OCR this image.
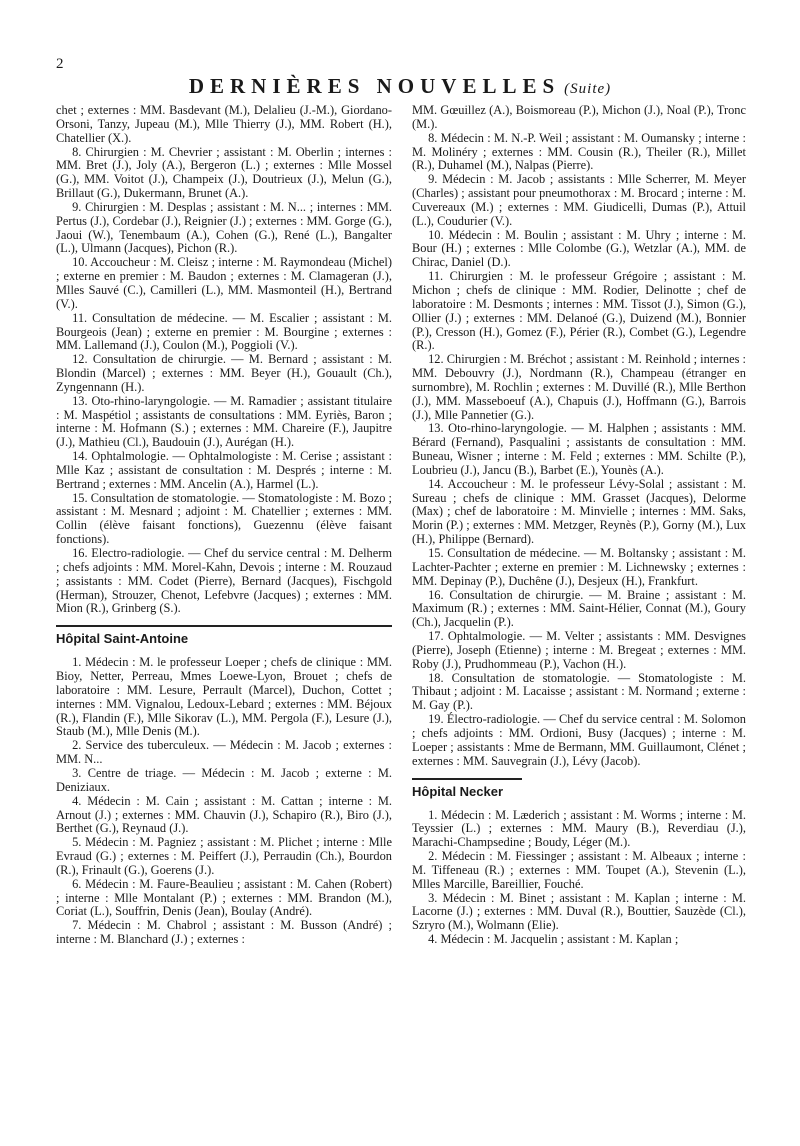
2
DERNIÈRES NOUVELLES (Suite)

chet ; externes : MM. Basdevant (M.), Delalieu (J.-M.), Giordano-Orsoni, Tanzy, Jupeau (M.), Mlle Thierry (J.), MM. Robert (H.), Chatellier (X.).

8. Chirurgien : M. Chevrier ; assistant : M. Oberlin ; internes : MM. Bret (J.), Joly (A.), Bergeron (L.) ; externes : Mlle Mossel (G.), MM. Voitot (J.), Champeix (J.), Doutrieux (J.), Melun (G.), Brillaut (G.), Dukermann, Brunet (A.).

9. Chirurgien : M. Desplas ; assistant : M. N... ; internes : MM. Pertus (J.), Cordebar (J.), Reignier (J.) ; externes : MM. Gorge (G.), Jaoui (W.), Tenembaum (A.), Cohen (G.), René (L.), Bangalter (L.), Ulmann (Jacques), Pichon (R.).

10. Accoucheur : M. Cleisz ; interne : M. Raymondeau (Michel) ; externe en premier : M. Baudon ; externes : M. Clamageran (J.), Mlles Sauvé (C.), Camilleri (L.), MM. Masmonteil (H.), Bertrand (V.).

11. Consultation de médecine. — M. Escalier ; assistant : M. Bourgeois (Jean) ; externe en premier : M. Bourgine ; externes : MM. Lallemand (J.), Coulon (M.), Poggioli (V.).

12. Consultation de chirurgie. — M. Bernard ; assistant : M. Blondin (Marcel) ; externes : MM. Beyer (H.), Gouault (Ch.), Zyngennann (H.).

13. Oto-rhino-laryngologie. — M. Ramadier ; assistant titulaire : M. Maspétiol ; assistants de consultations : MM. Eyriès, Baron ; interne : M. Hofmann (S.) ; externes : MM. Chareire (F.), Jaupitre (J.), Mathieu (Cl.), Baudouin (J.), Aurégan (H.).

14. Ophtalmologie. — Ophtalmologiste : M. Cerise ; assistant : Mlle Kaz ; assistant de consultation : M. Després ; interne : M. Bertrand ; externes : MM. Ancelin (A.), Harmel (L.).

15. Consultation de stomatologie. — Stomatologiste : M. Bozo ; assistant : M. Mesnard ; adjoint : M. Chatellier ; externes : MM. Collin (élève faisant fonctions), Guezennu (élève faisant fonctions).

16. Electro-radiologie. — Chef du service central : M. Delherm ; chefs adjoints : MM. Morel-Kahn, Devois ; interne : M. Rouzaud ; assistants : MM. Codet (Pierre), Bernard (Jacques), Fischgold (Herman), Strouzer, Chenot, Lefebvre (Jacques) ; externes : MM. Mion (R.), Grinberg (S.).

Hôpital Saint-Antoine

1. Médecin : M. le professeur Loeper ; chefs de clinique : MM. Bioy, Netter, Perreau, Mmes Loewe-Lyon, Brouet ; chefs de laboratoire : MM. Lesure, Perrault (Marcel), Duchon, Cottet ; internes : MM. Vignalou, Ledoux-Lebard ; externes : MM. Béjoux (R.), Flandin (F.), Mlle Sikorav (L.), MM. Pergola (F.), Lesure (J.), Staub (M.), Mlle Denis (M.).

2. Service des tuberculeux. — Médecin : M. Jacob ; externes : MM. N...

3. Centre de triage. — Médecin : M. Jacob ; externe : M. Deniziaux.

4. Médecin : M. Cain ; assistant : M. Cattan ; interne : M. Arnout (J.) ; externes : MM. Chauvin (J.), Schapiro (R.), Biro (J.), Berthet (G.), Reynaud (J.).

5. Médecin : M. Pagniez ; assistant : M. Plichet ; interne : Mlle Evraud (G.) ; externes : M. Peiffert (J.), Perraudin (Ch.), Bourdon (R.), Frinault (G.), Goerens (J.).

6. Médecin : M. Faure-Beaulieu ; assistant : M. Cahen (Robert) ; interne : Mlle Montalant (P.) ; externes : MM. Brandon (M.), Coriat (L.), Souffrin, Denis (Jean), Boulay (André).

7. Médecin : M. Chabrol ; assistant : M. Busson (André) ; interne : M. Blanchard (J.) ; externes :

MM. Gœuillez (A.), Boismoreau (P.), Michon (J.), Noal (P.), Tronc (M.).

8. Médecin : M. N.-P. Weil ; assistant : M. Oumansky ; interne : M. Molinéry ; externes : MM. Cousin (R.), Theiler (R.), Millet (R.), Duhamel (M.), Nalpas (Pierre).

9. Médecin : M. Jacob ; assistants : Mlle Scherrer, M. Meyer (Charles) ; assistant pour pneumothorax : M. Brocard ; interne : M. Cuvereaux (M.) ; externes : MM. Giudicelli, Dumas (P.), Attuil (L.), Coudurier (V.).

10. Médecin : M. Boulin ; assistant : M. Uhry ; interne : M. Bour (H.) ; externes : Mlle Colombe (G.), Wetzlar (A.), MM. de Chirac, Daniel (D.).

11. Chirurgien : M. le professeur Grégoire ; assistant : M. Michon ; chefs de clinique : MM. Rodier, Delinotte ; chef de laboratoire : M. Desmonts ; internes : MM. Tissot (J.), Simon (G.), Ollier (J.) ; externes : MM. Delanoé (G.), Duizend (M.), Bonnier (P.), Cresson (H.), Gomez (F.), Périer (R.), Combet (G.), Legendre (R.).

12. Chirurgien : M. Bréchot ; assistant : M. Reinhold ; internes : MM. Debouvry (J.), Nordmann (R.), Champeau (étranger en surnombre), M. Rochlin ; externes : M. Duvillé (R.), Mlle Berthon (J.), MM. Masseboeuf (A.), Chapuis (J.), Hoffmann (G.), Barrois (J.), Mlle Pannetier (G.).

13. Oto-rhino-laryngologie. — M. Halphen ; assistants : MM. Bérard (Fernand), Pasqualini ; assistants de consultation : MM. Buneau, Wisner ; interne : M. Feld ; externes : MM. Schilte (P.), Loubrieu (J.), Jancu (B.), Barbet (E.), Younès (A.).

14. Accoucheur : M. le professeur Lévy-Solal ; assistant : M. Sureau ; chefs de clinique : MM. Grasset (Jacques), Delorme (Max) ; chef de laboratoire : M. Minvielle ; internes : MM. Saks, Morin (P.) ; externes : MM. Metzger, Reynès (P.), Gorny (M.), Lux (H.), Philippe (Bernard).

15. Consultation de médecine. — M. Boltansky ; assistant : M. Lachter-Pachter ; externe en premier : M. Lichnewsky ; externes : MM. Depinay (P.), Duchêne (J.), Desjeux (H.), Frankfurt.

16. Consultation de chirurgie. — M. Braine ; assistant : M. Maximum (R.) ; externes : MM. Saint-Hélier, Connat (M.), Goury (Ch.), Jacquelin (P.).

17. Ophtalmologie. — M. Velter ; assistants : MM. Desvignes (Pierre), Joseph (Etienne) ; interne : M. Bregeat ; externes : MM. Roby (J.), Prudhommeau (P.), Vachon (H.).

18. Consultation de stomatologie. — Stomatologiste : M. Thibaut ; adjoint : M. Lacaisse ; assistant : M. Normand ; externe : M. Gay (P.).

19. Électro-radiologie. — Chef du service central : M. Solomon ; chefs adjoints : MM. Ordioni, Busy (Jacques) ; interne : M. Loeper ; assistants : Mme de Bermann, MM. Guillaumont, Clénet ; externes : MM. Sauvegrain (J.), Lévy (Jacob).

Hôpital Necker

1. Médecin : M. Læderich ; assistant : M. Worms ; interne : M. Teyssier (L.) ; externes : MM. Maury (B.), Reverdiau (J.), Marachi-Champsedine ; Boudy, Léger (M.).

2. Médecin : M. Fiessinger ; assistant : M. Albeaux ; interne : M. Tiffeneau (R.) ; externes : MM. Toupet (A.), Stevenin (L.), Mlles Marcille, Bareillier, Fouché.

3. Médecin : M. Binet ; assistant : M. Kaplan ; interne : M. Lacorne (J.) ; externes : MM. Duval (R.), Bouttier, Sauzède (Cl.), Szryro (M.), Wolmann (Elie).

4. Médecin : M. Jacquelin ; assistant : M. Kaplan ;
